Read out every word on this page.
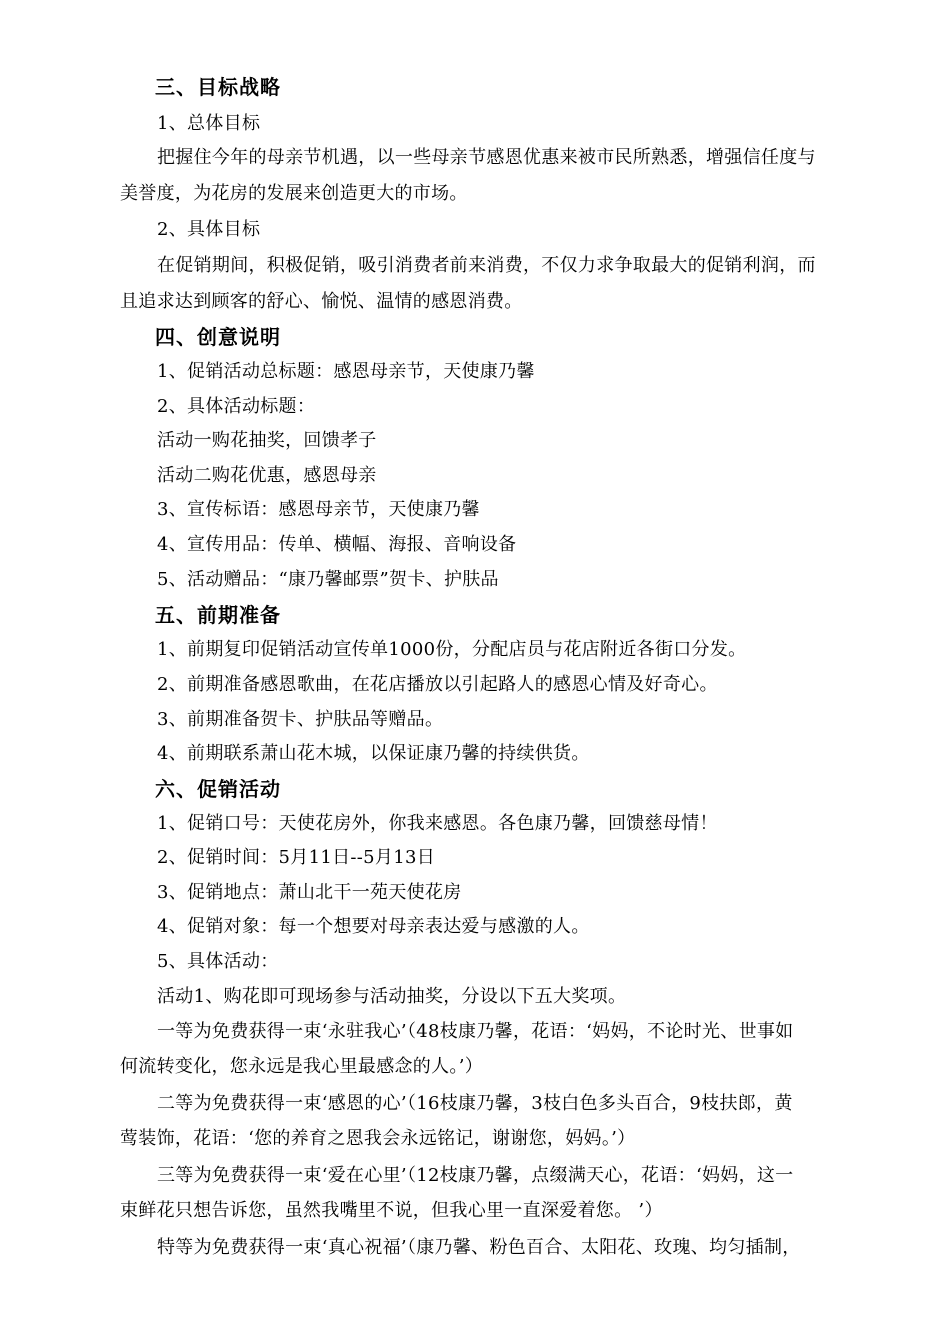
三、目标战略
1、总体目标
把握住今年的母亲节机遇，以一些母亲节感恩优惠来被市民所熟悉，增强信任度与
美誉度，为花房的发展来创造更大的市场。
2、具体目标
在促销期间，积极促销，吸引消费者前来消费，不仅力求争取最大的促销利润，而
且追求达到顾客的舒心、愉悦、温情的感恩消费。
四、创意说明
1、促销活动总标题：感恩母亲节，天使康乃馨
2、具体活动标题：
活动一购花抽奖，回馈孝子
活动二购花优惠，感恩母亲
3、宣传标语：感恩母亲节，天使康乃馨
4、宣传用品：传单、横幅、海报、音响设备
5、活动赠品：“康乃馨邮票”贺卡、护肤品
五、前期准备
1、前期复印促销活动宣传单1000份，分配店员与花店附近各街口分发。
2、前期准备感恩歌曲，在花店播放以引起路人的感恩心情及好奇心。
3、前期准备贺卡、护肤品等赠品。
4、前期联系萧山花木城，以保证康乃馨的持续供货。
六、促销活动
1、促销口号：天使花房外，你我来感恩。各色康乃馨，回馈慈母情！
2、促销时间：5月11日--5月13日
3、促销地点：萧山北干一苑天使花房
4、促销对象：每一个想要对母亲表达爱与感激的人。
5、具体活动：
活动1、购花即可现场参与活动抽奖，分设以下五大奖项。
一等为免费获得一束‘永驻我心’（48枝康乃馨，花语：‘妈妈，不论时光、世事如
何流转变化，您永远是我心里最感念的人。’）
二等为免费获得一束‘感恩的心’（16枝康乃馨，3枝白色多头百合，9枝扶郎，黄
莺装饰，花语：‘您的养育之恩我会永远铭记，谢谢您，妈妈。’）
三等为免费获得一束‘爱在心里’（12枝康乃馨，点缀满天心，花语：‘妈妈，这一
束鲜花只想告诉您，虽然我嘴里不说，但我心里一直深爱着您。 ’）
特等为免费获得一束‘真心祝福’（康乃馨、粉色百合、太阳花、玫瑰、均匀插制，
